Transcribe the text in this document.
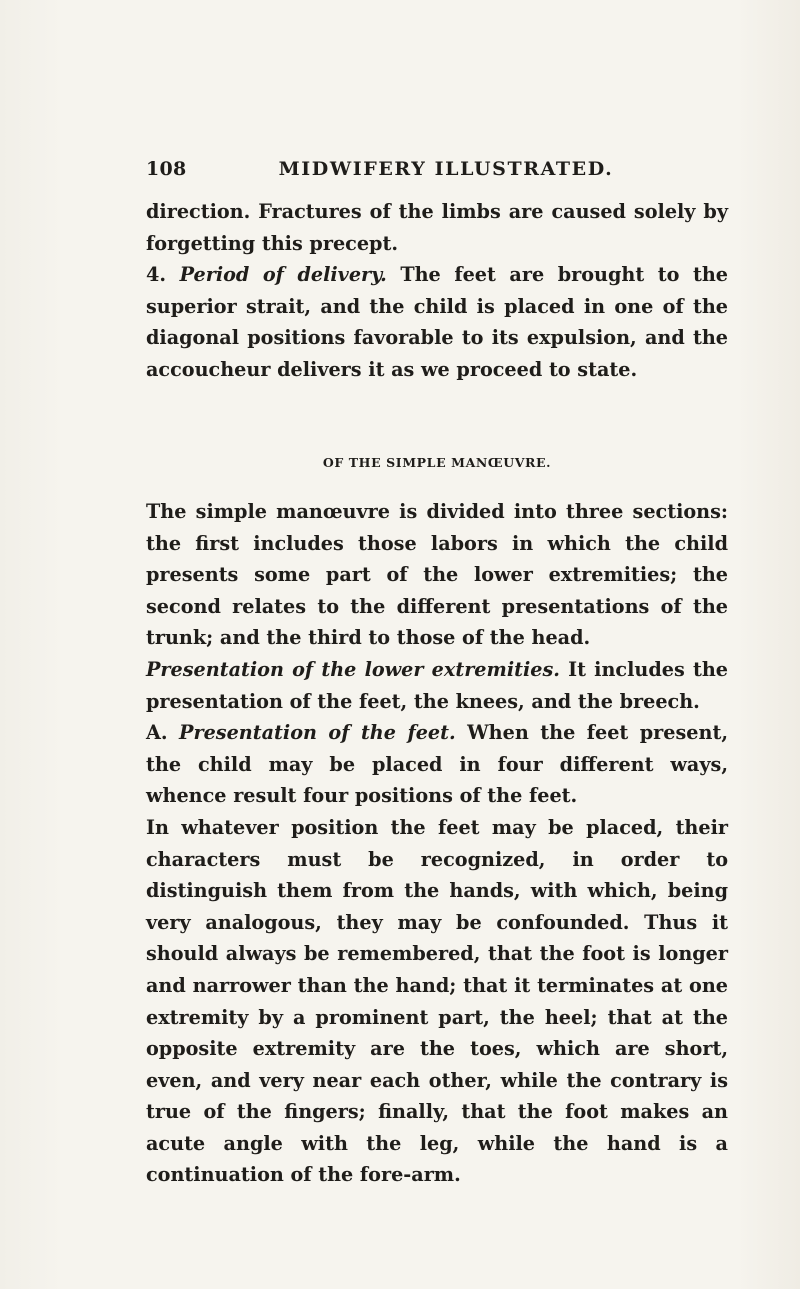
108	MIDWIFERY ILLUSTRATED.

direction. Fractures of the limbs are caused solely by forgetting this precept.

4. Period of delivery. The feet are brought to the superior strait, and the child is placed in one of the diagonal positions favorable to its expulsion, and the accoucheur delivers it as we proceed to state.

OF THE SIMPLE MANŒUVRE.

The simple manœuvre is divided into three sections: the first includes those labors in which the child presents some part of the lower extremities; the second relates to the different presentations of the trunk; and the third to those of the head.

Presentation of the lower extremities. It includes the presentation of the feet, the knees, and the breech.

A. Presentation of the feet. When the feet present, the child may be placed in four different ways, whence result four positions of the feet.

In whatever position the feet may be placed, their characters must be recognized, in order to distinguish them from the hands, with which, being very analogous, they may be confounded. Thus it should always be remembered, that the foot is longer and narrower than the hand; that it terminates at one extremity by a prominent part, the heel; that at the opposite extremity are the toes, which are short, even, and very near each other, while the contrary is true of the fingers; finally, that the foot makes an acute angle with the leg, while the hand is a continuation of the fore-arm.
